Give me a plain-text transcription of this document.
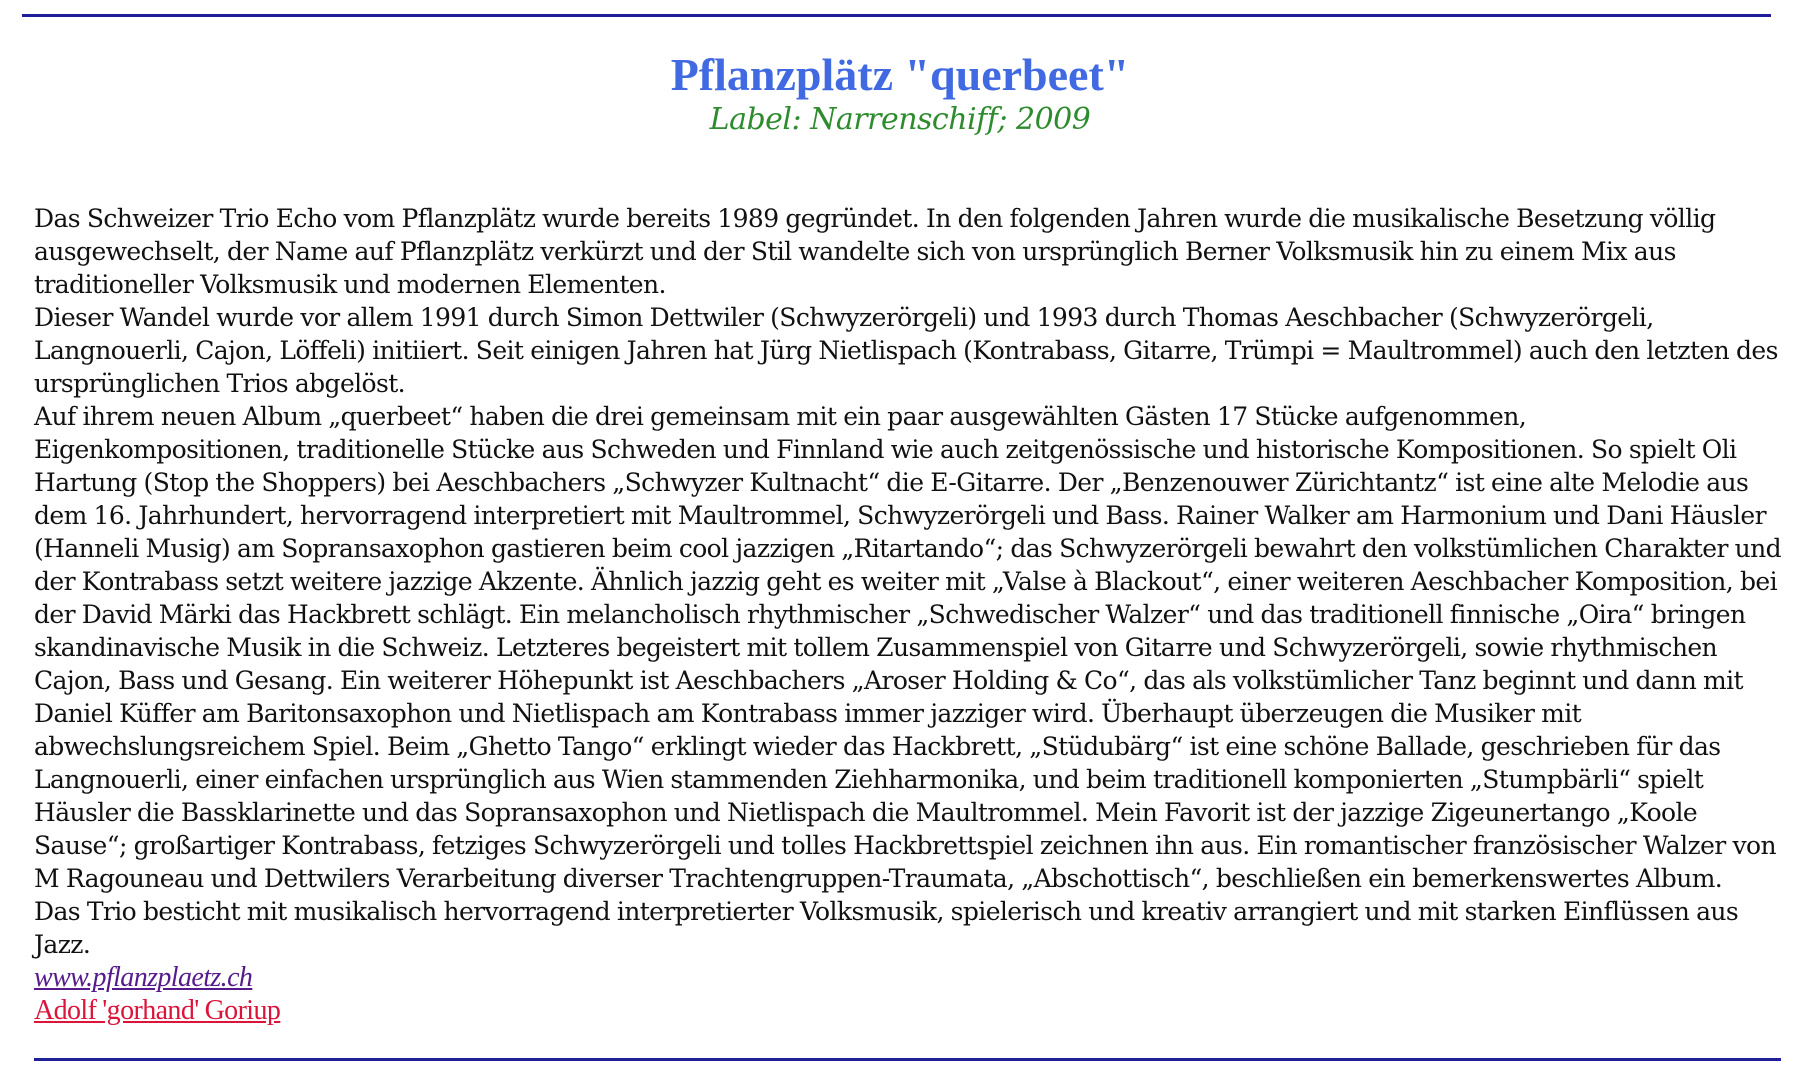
Pflanzplätz "querbeet"
Label: Narrenschiff; 2009

Das Schweizer Trio Echo vom Pflanzplätz wurde bereits 1989 gegründet. In den folgenden Jahren wurde die musikalische Besetzung völlig ausgewechselt, der Name auf Pflanzplätz verkürzt und der Stil wandelte sich von ursprünglich Berner Volksmusik hin zu einem Mix aus traditioneller Volksmusik und modernen Elementen.

Dieser Wandel wurde vor allem 1991 durch Simon Dettwiler (Schwyzerörgeli) und 1993 durch Thomas Aeschbacher (Schwyzerörgeli, Langnouerli, Cajon, Löffeli) initiiert. Seit einigen Jahren hat Jürg Nietlispach (Kontrabass, Gitarre, Trümpi = Maultrommel) auch den letzten des ursprünglichen Trios abgelöst.

Auf ihrem neuen Album „querbeet“ haben die drei gemeinsam mit ein paar ausgewählten Gästen 17 Stücke aufgenommen, Eigenkompositionen, traditionelle Stücke aus Schweden und Finnland wie auch zeitgenössische und historische Kompositionen. So spielt Oli Hartung (Stop the Shoppers) bei Aeschbachers „Schwyzer Kultnacht“ die E-Gitarre. Der „Benzenouwer Zürichtantz“ ist eine alte Melodie aus dem 16. Jahrhundert, hervorragend interpretiert mit Maultrommel, Schwyzerörgeli und Bass. Rainer Walker am Harmonium und Dani Häusler (Hanneli Musig) am Sopransaxophon gastieren beim cool jazzigen „Ritartando“; das Schwyzerörgeli bewahrt den volkstümlichen Charakter und der Kontrabass setzt weitere jazzige Akzente. Ähnlich jazzig geht es weiter mit „Valse à Blackout“, einer weiteren Aeschbacher Komposition, bei der David Märki das Hackbrett schlägt. Ein melancholisch rhythmischer „Schwedischer Walzer“ und das traditionell finnische „Oira“ bringen skandinavische Musik in die Schweiz. Letzteres begeistert mit tollem Zusammenspiel von Gitarre und Schwyzerörgeli, sowie rhythmischen Cajon, Bass und Gesang. Ein weiterer Höhepunkt ist Aeschbachers „Aroser Holding & Co“, das als volkstümlicher Tanz beginnt und dann mit Daniel Küffer am Baritonsaxophon und Nietlispach am Kontrabass immer jazziger wird. Überhaupt überzeugen die Musiker mit abwechslungsreichem Spiel. Beim „Ghetto Tango“ erklingt wieder das Hackbrett, „Stüdubärg“ ist eine schöne Ballade, geschrieben für das Langnouerli, einer einfachen ursprünglich aus Wien stammenden Ziehharmonika, und beim traditionell komponierten „Stumpbärli“ spielt Häusler die Bassklarinette und das Sopransaxophon und Nietlispach die Maultrommel. Mein Favorit ist der jazzige Zigeunertango „Koole Sause“; großartiger Kontrabass, fetziges Schwyzerörgeli und tolles Hackbrettspiel zeichnen ihn aus. Ein romantischer französischer Walzer von M Ragouneau und Dettwilers Verarbeitung diverser Trachtengruppen-Traumata, „Abschottisch“, beschließen ein bemerkenswertes Album.

Das Trio besticht mit musikalisch hervorragend interpretierter Volksmusik, spielerisch und kreativ arrangiert und mit starken Einflüssen aus Jazz.

www.pflanzplaetz.ch
Adolf 'gorhand' Goriup
